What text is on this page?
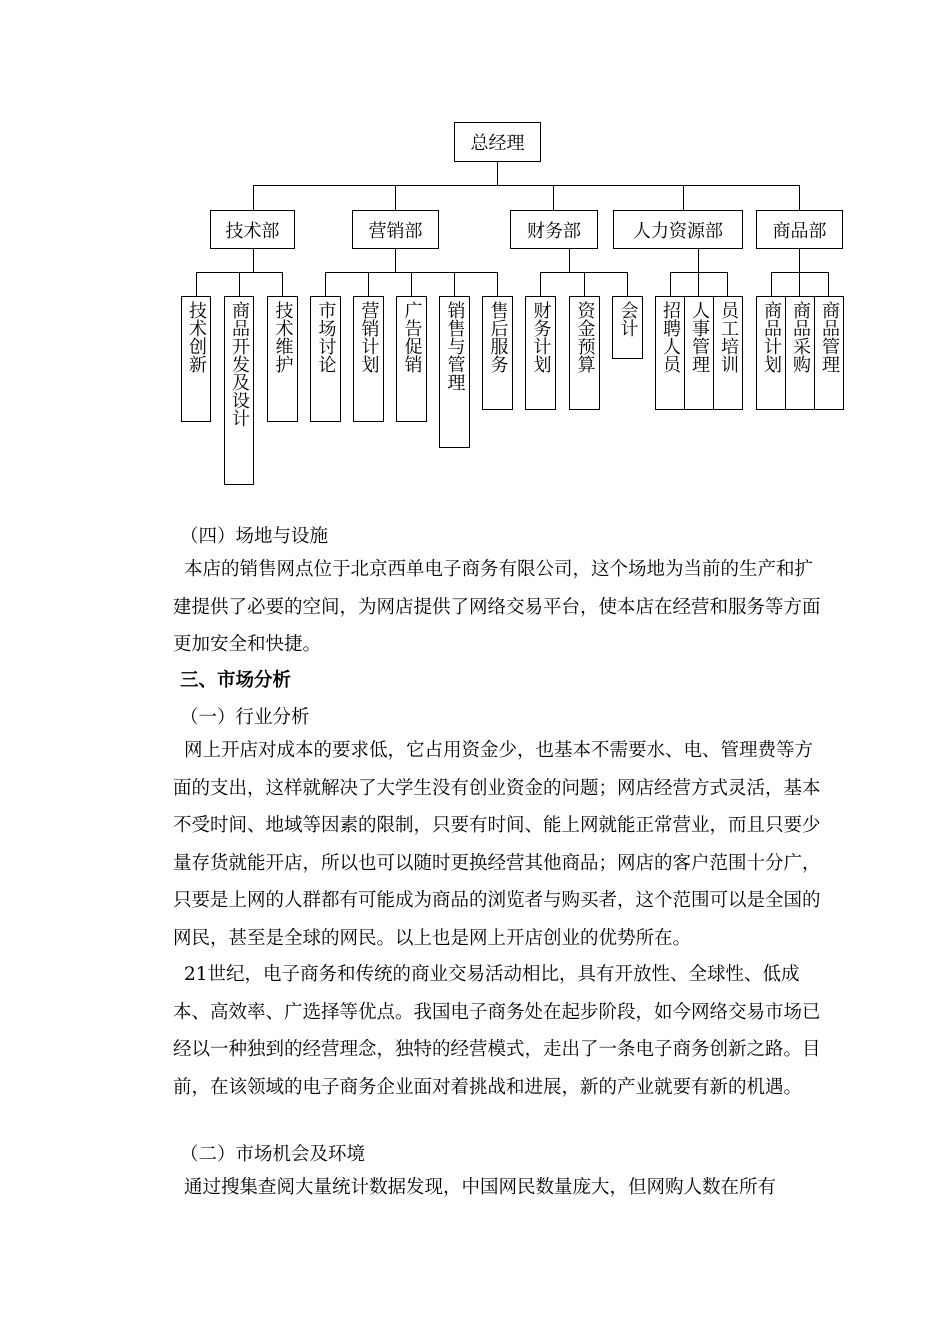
总经理
技术部	营销部	财务部	人力资源部	商品部
技术创新 商品开发及设计	技术维护	市场讨论	营销计划	广告促销	销售与管理	售后服务	财务计划	资金预算	会计 招聘人员 人事管理 员工培训 商品计划 商品采购 商品管理
（四）场地与设施
本店的销售网点位于北京西单电子商务有限公司，这个场地为当前的生产和扩建提供了必要的空间，为网店提供了网络交易平台，使本店在经营和服务等方面更加安全和快捷。
三、市场分析
（一）行业分析
网上开店对成本的要求低，它占用资金少，也基本不需要水、电、管理费等方面的支出，这样就解决了大学生没有创业资金的问题；网店经营方式灵活，基本不受时间、地域等因素的限制，只要有时间、能上网就能正常营业，而且只要少量存货就能开店，所以也可以随时更换经营其他商品；网店的客户范围十分广，只要是上网的人群都有可能成为商品的浏览者与购买者，这个范围可以是全国的网民，甚至是全球的网民。以上也是网上开店创业的优势所在。
21世纪，电子商务和传统的商业交易活动相比，具有开放性、全球性、低成本、高效率、广选择等优点。我国电子商务处在起步阶段，如今网络交易市场已经以一种独到的经营理念，独特的经营模式，走出了一条电子商务创新之路。目前，在该领域的电子商务企业面对着挑战和进展，新的产业就要有新的机遇。
（二）市场机会及环境
通过搜集查阅大量统计数据发现，中国网民数量庞大，但网购人数在所有
